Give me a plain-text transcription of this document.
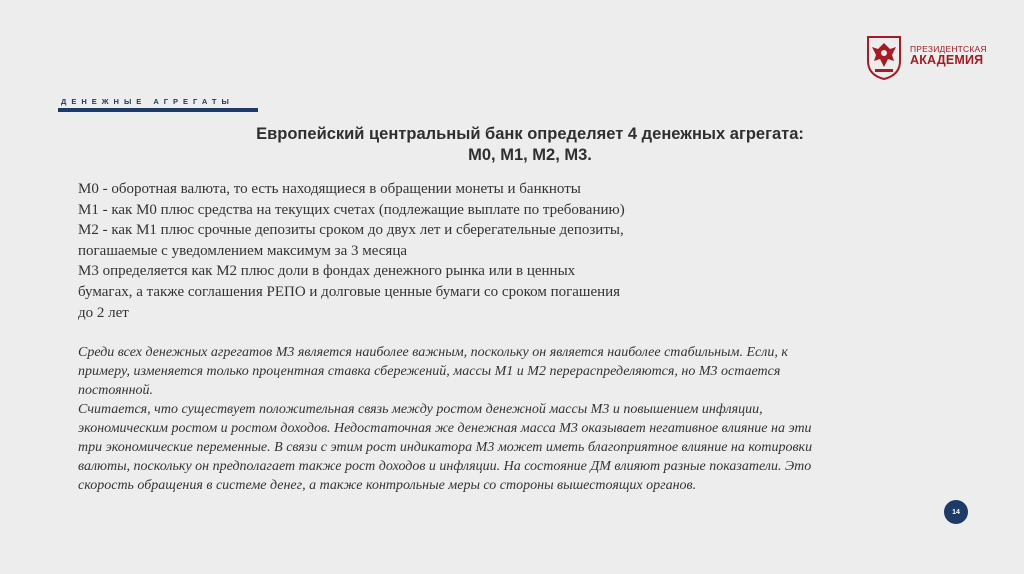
ПРЕЗИДЕНТСКАЯ
АКАДЕМИЯ
ДЕНЕЖНЫЕ АГРЕГАТЫ
Европейский центральный банк определяет 4 денежных агрегата:
М0, М1, М2, М3.
М0 - оборотная валюта, то есть находящиеся в обращении монеты и банкноты
М1 - как М0 плюс средства на текущих счетах (подлежащие выплате по требованию)
М2 - как М1 плюс срочные депозиты сроком до двух лет и сберегательные депозиты,
погашаемые с уведомлением максимум за 3 месяца
М3 определяется как М2 плюс доли в фондах денежного рынка или в ценных
бумагах, а также соглашения РЕПО и долговые ценные бумаги со сроком погашения
до 2 лет
Среди всех денежных агрегатов М3 является наиболее важным, поскольку он является наиболее стабильным. Если, к
примеру, изменяется только процентная ставка сбережений, массы М1 и М2 перераспределяются, но М3 остается
постоянной.
Считается, что существует положительная связь между ростом денежной массы М3 и повышением инфляции,
экономическим ростом и ростом доходов. Недостаточная же денежная масса М3 оказывает негативное влияние на эти
три экономические переменные. В связи с этим рост индикатора М3 может иметь благоприятное влияние на котировки
валюты, поскольку он предполагает также рост доходов и инфляции. На состояние ДМ влияют разные показатели. Это
скорость обращения в системе денег, а также контрольные меры со стороны вышестоящих органов.
14
